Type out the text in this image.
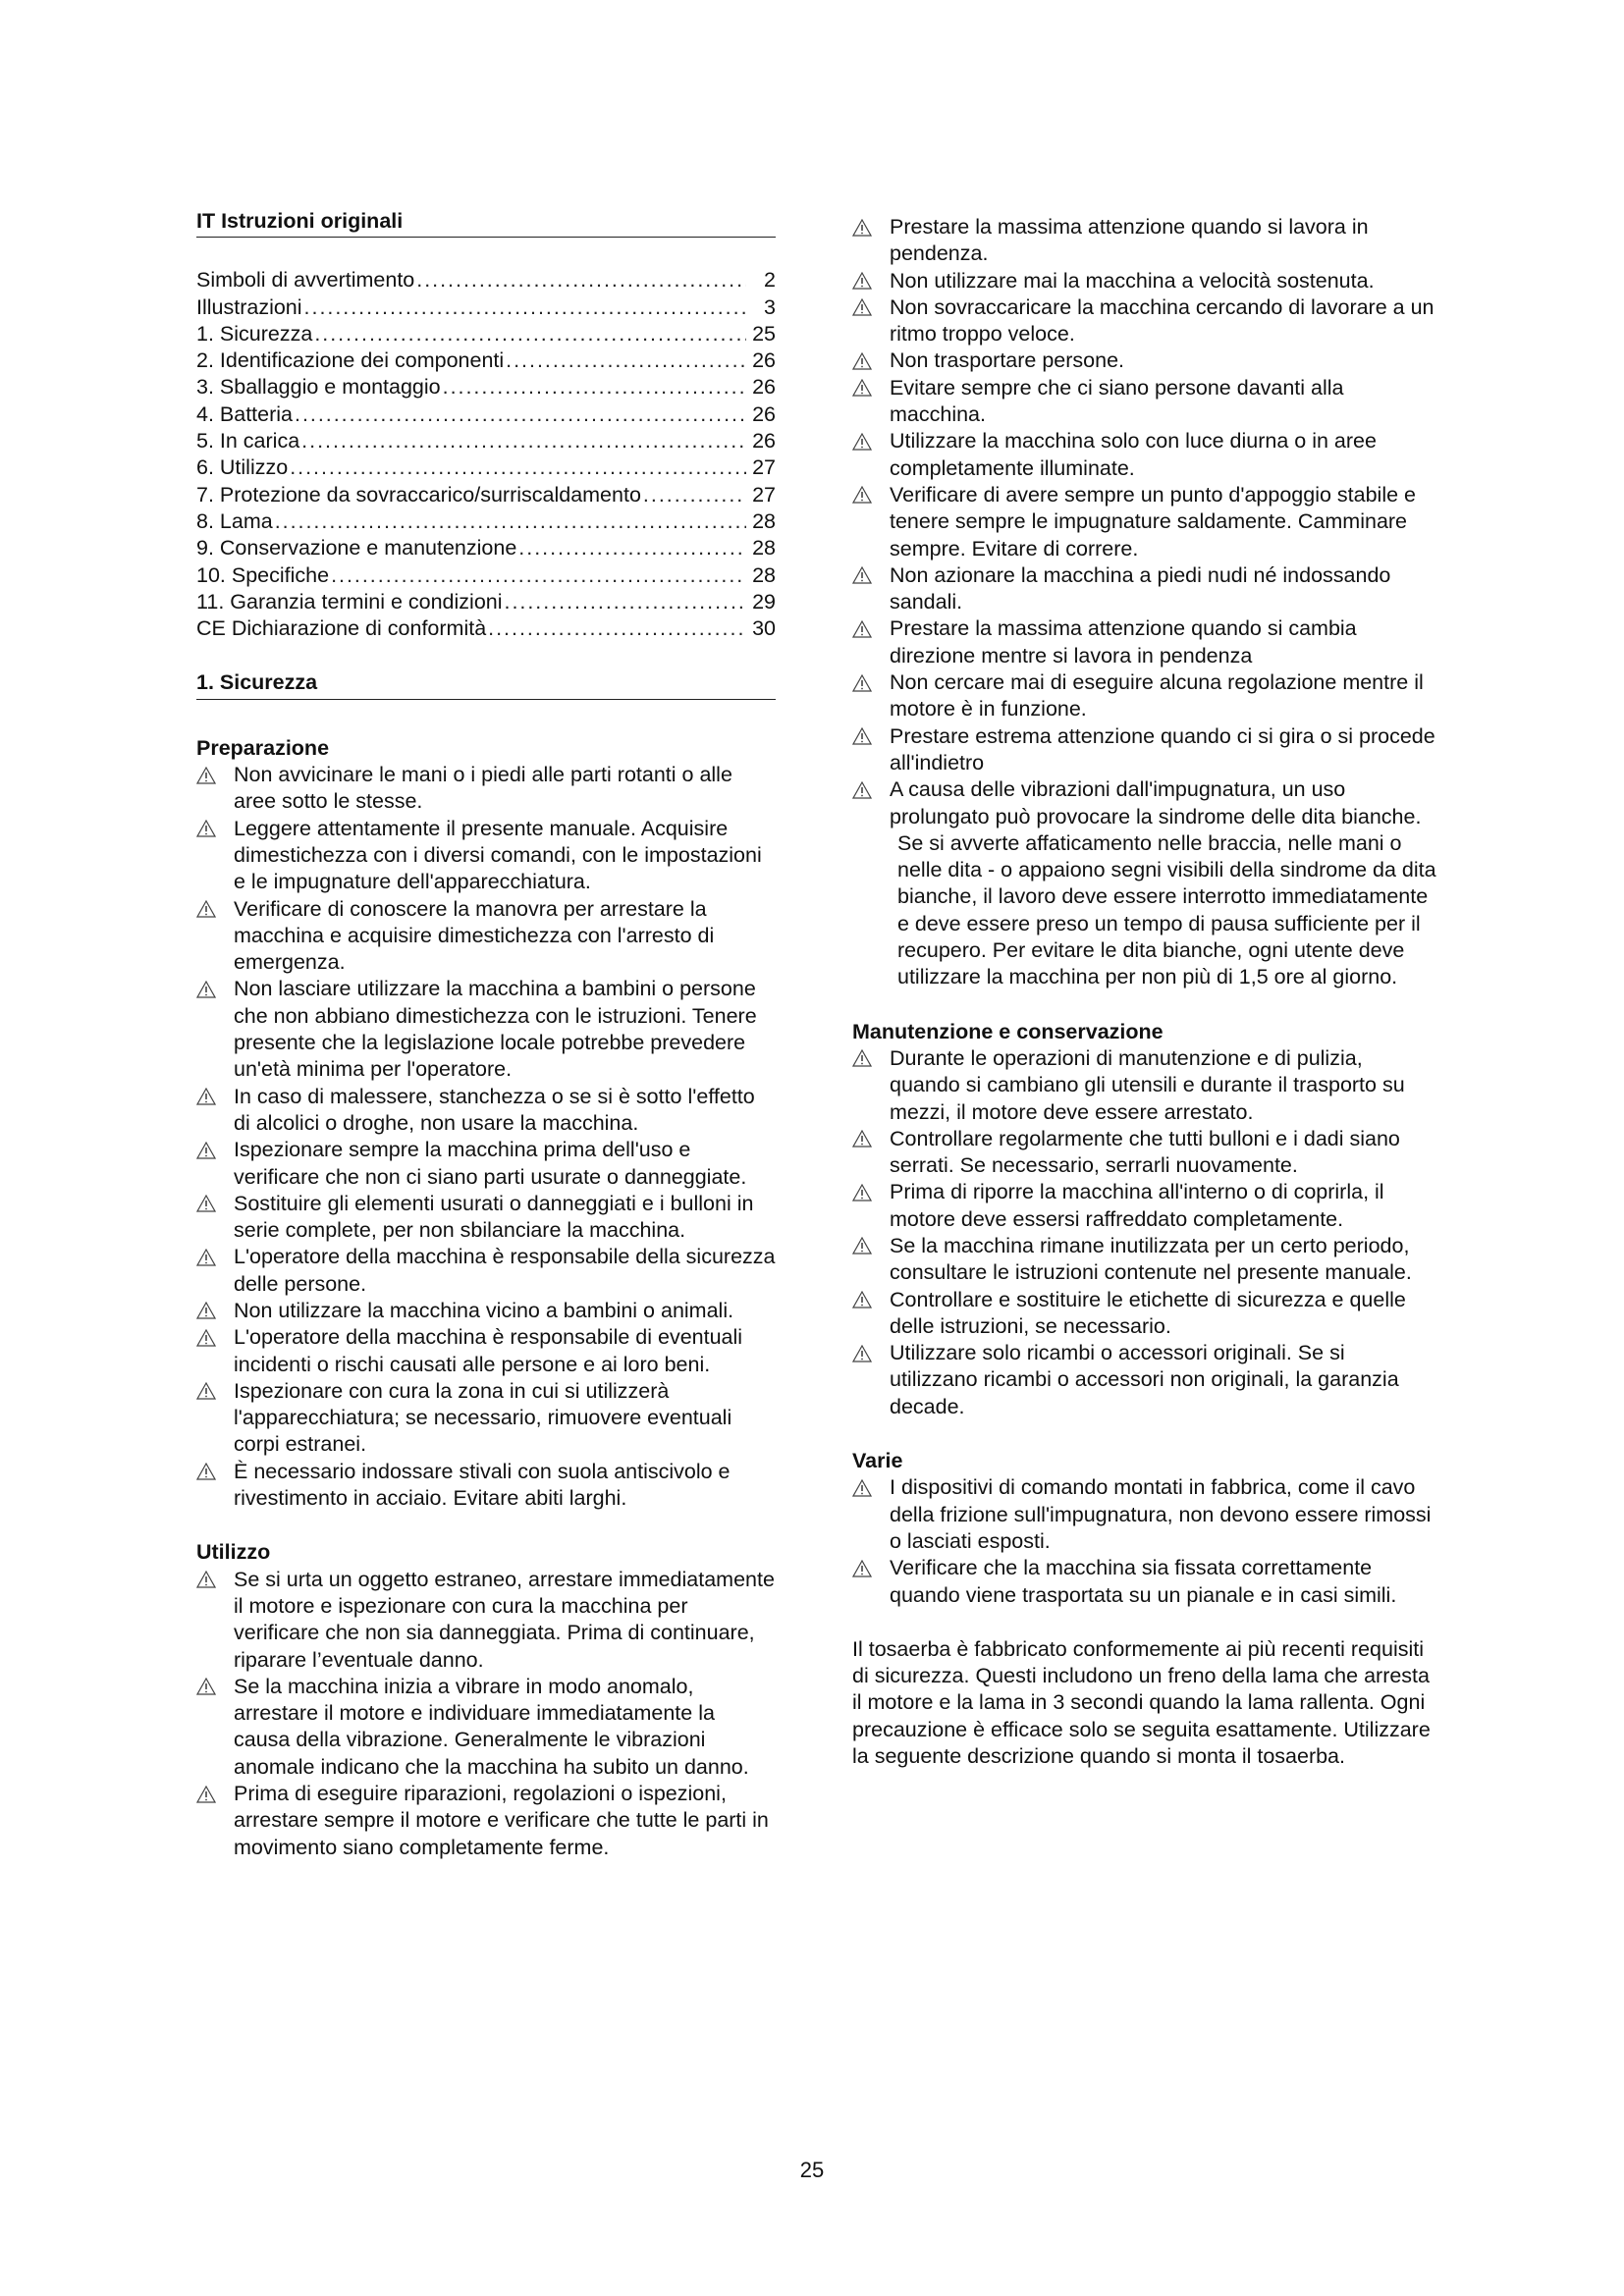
IT Istruzioni originali
Simboli di avvertimento . . .	2
Illustrazioni . . .	3
1. Sicurezza . . .	25
2. Identificazione dei componenti . . .	26
3. Sballaggio e montaggio . . .	26
4. Batteria . . .	26
5. In carica . . .	26
6. Utilizzo . . .	27
7. Protezione da sovraccarico/surriscaldamento . . .	27
8. Lama . . .	28
9. Conservazione e manutenzione . . .	28
10. Specifiche . . .	28
11. Garanzia termini e condizioni . . .	29
CE Dichiarazione di conformità . . .	30
1. Sicurezza

Preparazione

Non avvicinare le mani o i piedi alle parti rotanti o alle aree sotto le stesse.
Leggere attentamente il presente manuale. Acquisire dimestichezza con i diversi comandi, con le impostazioni e le impugnature dell'apparecchiatura.
Verificare di conoscere la manovra per arrestare la macchina e acquisire dimestichezza con l'arresto di emergenza.
Non lasciare utilizzare la macchina a bambini o persone che non abbiano dimestichezza con le istruzioni. Tenere presente che la legislazione locale potrebbe prevedere un'età minima per l'operatore.
In caso di malessere, stanchezza o se si è sotto l'effetto di alcolici o droghe, non usare la macchina.
Ispezionare sempre la macchina prima dell'uso e verificare che non ci siano parti usurate o danneggiate.
Sostituire gli elementi usurati o danneggiati e i bulloni in serie complete, per non sbilanciare la macchina.
L'operatore della macchina è responsabile della sicurezza delle persone.
Non utilizzare la macchina vicino a bambini o animali.
L'operatore della macchina è responsabile di eventuali incidenti o rischi causati alle persone e ai loro beni.
Ispezionare con cura la zona in cui si utilizzerà l'apparecchiatura; se necessario, rimuovere eventuali corpi estranei.
È necessario indossare stivali con suola antiscivolo e rivestimento in acciaio. Evitare abiti larghi.

Utilizzo

Se si urta un oggetto estraneo, arrestare immediatamente il motore e ispezionare con cura la macchina per verificare che non sia danneggiata. Prima di continuare, riparare l’eventuale danno.
Se la macchina inizia a vibrare in modo anomalo, arrestare il motore e individuare immediatamente la causa della vibrazione. Generalmente le vibrazioni anomale indicano che la macchina ha subito un danno.
Prima di eseguire riparazioni, regolazioni o ispezioni, arrestare sempre il motore e verificare che tutte le parti in movimento siano completamente ferme.
Prestare la massima attenzione quando si lavora in pendenza.
Non utilizzare mai la macchina a velocità sostenuta.
Non sovraccaricare la macchina cercando di lavorare a un ritmo troppo veloce.
Non trasportare persone.
Evitare sempre che ci siano persone davanti alla macchina.
Utilizzare la macchina solo con luce diurna o in aree completamente illuminate.
Verificare di avere sempre un punto d'appoggio stabile e tenere sempre le impugnature saldamente. Camminare sempre. Evitare di correre.
Non azionare la macchina a piedi nudi né indossando sandali.
Prestare la massima attenzione quando si cambia direzione mentre si lavora in pendenza
Non cercare mai di eseguire alcuna regolazione mentre il motore è in funzione.
Prestare estrema attenzione quando ci si gira o si procede all'indietro
A causa delle vibrazioni dall'impugnatura, un uso prolungato può provocare la sindrome delle dita bianche.

Se si avverte affaticamento nelle braccia, nelle mani o nelle dita - o appaiono segni visibili della sindrome da dita bianche, il lavoro deve essere interrotto immediatamente e deve essere preso un tempo di pausa sufficiente per il recupero. Per evitare le dita bianche, ogni utente deve utilizzare la macchina per non più di 1,5 ore al giorno.

Manutenzione e conservazione

Durante le operazioni di manutenzione e di pulizia, quando si cambiano gli utensili e durante il trasporto su mezzi, il motore deve essere arrestato.
Controllare regolarmente che tutti bulloni e i dadi siano serrati. Se necessario, serrarli nuovamente.
Prima di riporre la macchina all'interno o di coprirla, il motore deve essersi raffreddato completamente.
Se la macchina rimane inutilizzata per un certo periodo, consultare le istruzioni contenute nel presente manuale.
Controllare e sostituire le etichette di sicurezza e quelle delle istruzioni, se necessario.
Utilizzare solo ricambi o accessori originali. Se si utilizzano ricambi o accessori non originali, la garanzia decade.

Varie

I dispositivi di comando montati in fabbrica, come il cavo della frizione sull'impugnatura, non devono essere rimossi o lasciati esposti.
Verificare che la macchina sia fissata correttamente quando viene trasportata su un pianale e in casi simili.

Il tosaerba è fabbricato conformemente ai più recenti requisiti di sicurezza. Questi includono un freno della lama che arresta il motore e la lama in 3 secondi quando la lama rallenta. Ogni precauzione è efficace solo se seguita esattamente. Utilizzare la seguente descrizione quando si monta il tosaerba.

25
